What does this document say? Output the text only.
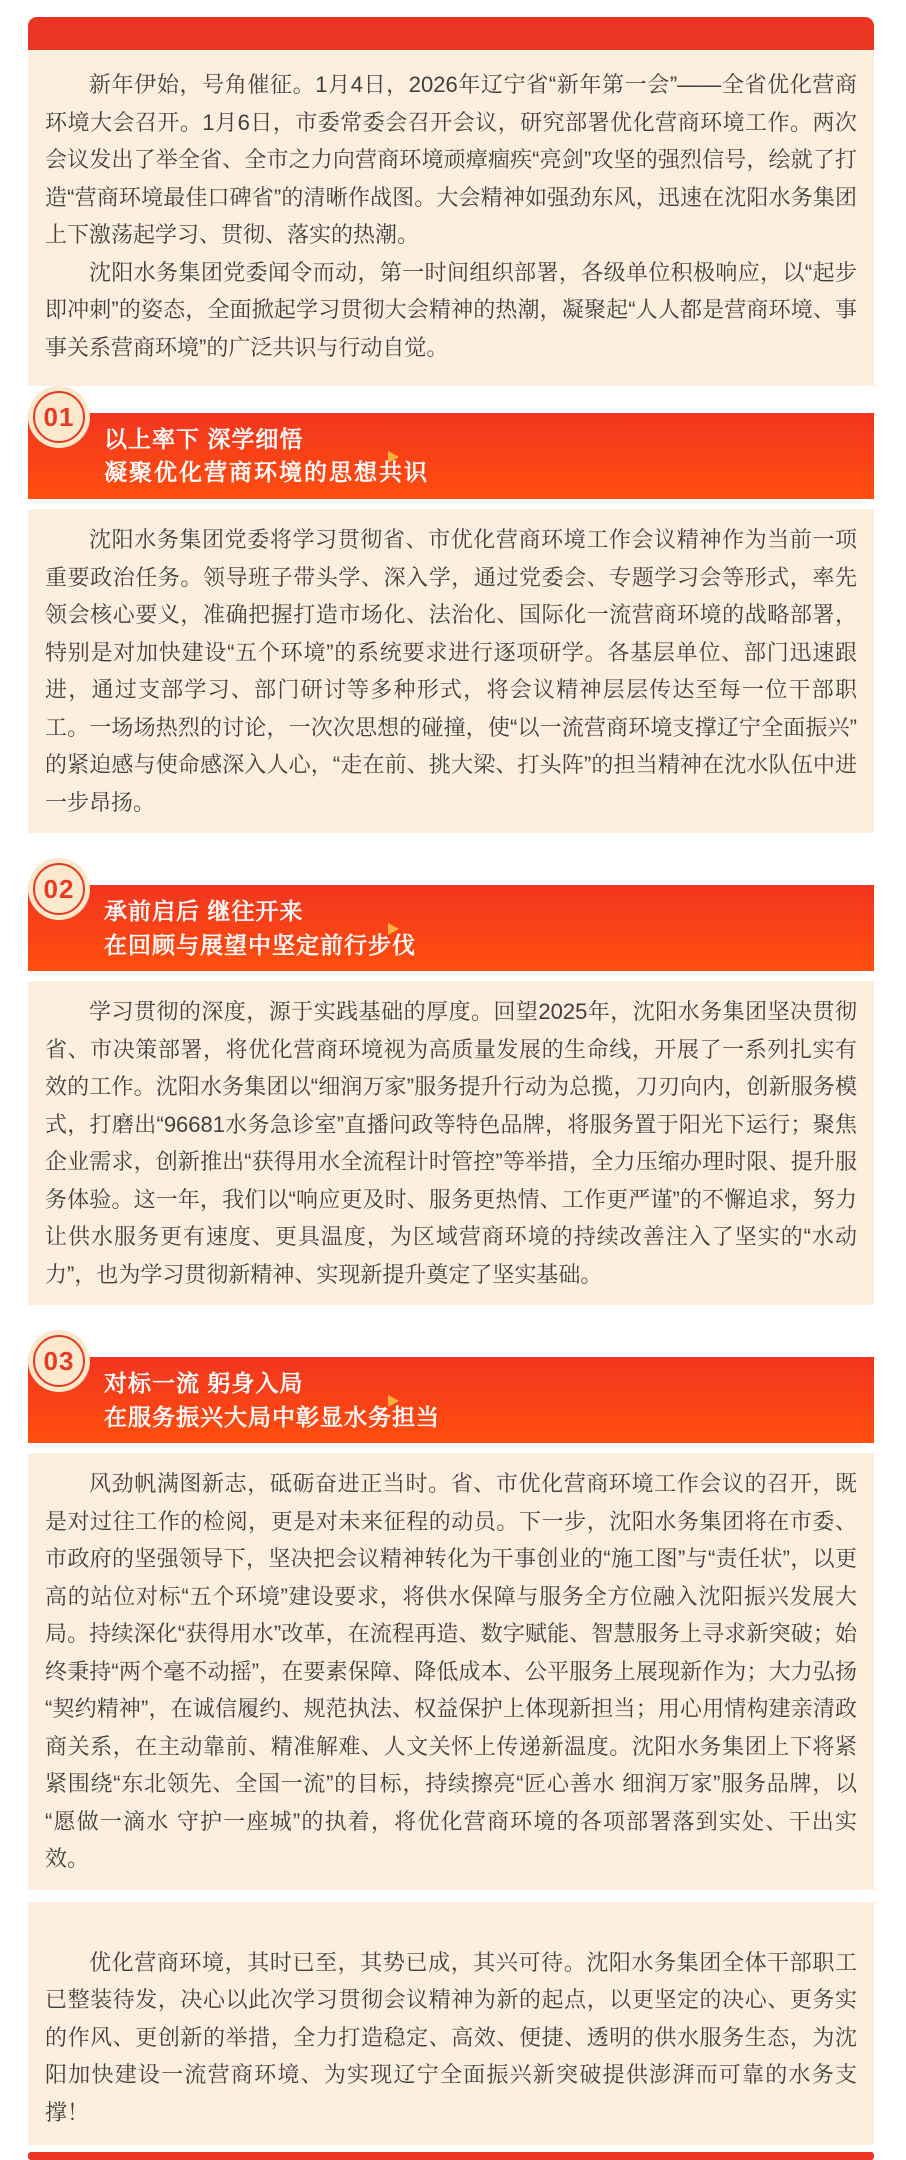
新年伊始，号角催征。1月4日，2026年辽宁省“新年第一会”——全省优化营商环境大会召开。1月6日，市委常委会召开会议，研究部署优化营商环境工作。两次会议发出了举全省、全市之力向营商环境顽瘴痼疾“亮剑”攻坚的强烈信号，绘就了打造“营商环境最佳口碑省”的清晰作战图。大会精神如强劲东风，迅速在沈阳水务集团上下激荡起学习、贯彻、落实的热潮。

沈阳水务集团党委闻令而动，第一时间组织部署，各级单位积极响应，以“起步即冲刺”的姿态，全面掀起学习贯彻大会精神的热潮，凝聚起“人人都是营商环境、事事关系营商环境”的广泛共识与行动自觉。

01
以上率下 深学细悟
凝聚优化营商环境的思想共识

沈阳水务集团党委将学习贯彻省、市优化营商环境工作会议精神作为当前一项重要政治任务。领导班子带头学、深入学，通过党委会、专题学习会等形式，率先领会核心要义，准确把握打造市场化、法治化、国际化一流营商环境的战略部署，特别是对加快建设“五个环境”的系统要求进行逐项研学。各基层单位、部门迅速跟进，通过支部学习、部门研讨等多种形式，将会议精神层层传达至每一位干部职工。一场场热烈的讨论，一次次思想的碰撞，使“以一流营商环境支撑辽宁全面振兴”的紧迫感与使命感深入人心，“走在前、挑大梁、打头阵”的担当精神在沈水队伍中进一步昂扬。

02
承前启后 继往开来
在回顾与展望中坚定前行步伐

学习贯彻的深度，源于实践基础的厚度。回望2025年，沈阳水务集团坚决贯彻省、市决策部署，将优化营商环境视为高质量发展的生命线，开展了一系列扎实有效的工作。沈阳水务集团以“细润万家”服务提升行动为总揽，刀刃向内，创新服务模式，打磨出“96681水务急诊室”直播问政等特色品牌，将服务置于阳光下运行；聚焦企业需求，创新推出“获得用水全流程计时管控”等举措，全力压缩办理时限、提升服务体验。这一年，我们以“响应更及时、服务更热情、工作更严谨”的不懈追求，努力让供水服务更有速度、更具温度，为区域营商环境的持续改善注入了坚实的“水动力”，也为学习贯彻新精神、实现新提升奠定了坚实基础。

03
对标一流 躬身入局
在服务振兴大局中彰显水务担当

风劲帆满图新志，砥砺奋进正当时。省、市优化营商环境工作会议的召开，既是对过往工作的检阅，更是对未来征程的动员。下一步，沈阳水务集团将在市委、市政府的坚强领导下，坚决把会议精神转化为干事创业的“施工图”与“责任状”，以更高的站位对标“五个环境”建设要求，将供水保障与服务全方位融入沈阳振兴发展大局。持续深化“获得用水”改革，在流程再造、数字赋能、智慧服务上寻求新突破；始终秉持“两个毫不动摇”，在要素保障、降低成本、公平服务上展现新作为；大力弘扬“契约精神”，在诚信履约、规范执法、权益保护上体现新担当；用心用情构建亲清政商关系，在主动靠前、精准解难、人文关怀上传递新温度。沈阳水务集团上下将紧紧围绕“东北领先、全国一流”的目标，持续擦亮“匠心善水 细润万家”服务品牌，以“愿做一滴水 守护一座城”的执着，将优化营商环境的各项部署落到实处、干出实效。

优化营商环境，其时已至，其势已成，其兴可待。沈阳水务集团全体干部职工已整装待发，决心以此次学习贯彻会议精神为新的起点，以更坚定的决心、更务实的作风、更创新的举措，全力打造稳定、高效、便捷、透明的供水服务生态，为沈阳加快建设一流营商环境、为实现辽宁全面振兴新突破提供澎湃而可靠的水务支撑！
